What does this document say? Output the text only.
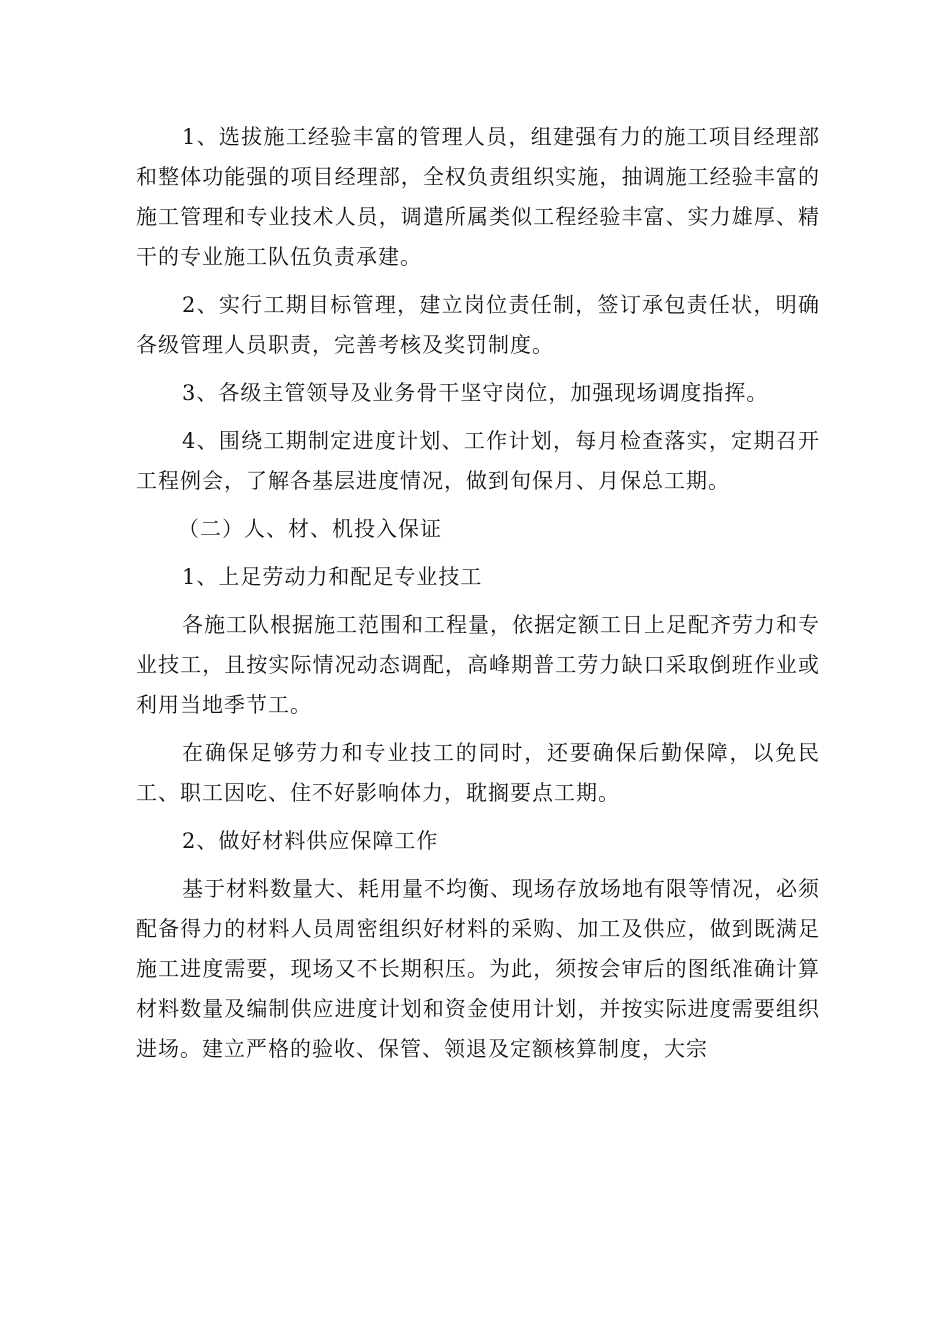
1、选拔施工经验丰富的管理人员，组建强有力的施工项目经理部和整体功能强的项目经理部，全权负责组织实施，抽调施工经验丰富的施工管理和专业技术人员，调遣所属类似工程经验丰富、实力雄厚、精干的专业施工队伍负责承建。

2、实行工期目标管理，建立岗位责任制，签订承包责任状，明确各级管理人员职责，完善考核及奖罚制度。

3、各级主管领导及业务骨干坚守岗位，加强现场调度指挥。

4、围绕工期制定进度计划、工作计划，每月检查落实，定期召开工程例会，了解各基层进度情况，做到旬保月、月保总工期。

（二）人、材、机投入保证

1、上足劳动力和配足专业技工

各施工队根据施工范围和工程量，依据定额工日上足配齐劳力和专业技工，且按实际情况动态调配，高峰期普工劳力缺口采取倒班作业或利用当地季节工。

在确保足够劳力和专业技工的同时，还要确保后勤保障，以免民工、职工因吃、住不好影响体力，耽搁要点工期。

2、做好材料供应保障工作

基于材料数量大、耗用量不均衡、现场存放场地有限等情况，必须配备得力的材料人员周密组织好材料的采购、加工及供应，做到既满足施工进度需要，现场又不长期积压。为此，须按会审后的图纸准确计算材料数量及编制供应进度计划和资金使用计划，并按实际进度需要组织进场。建立严格的验收、保管、领退及定额核算制度，大宗
